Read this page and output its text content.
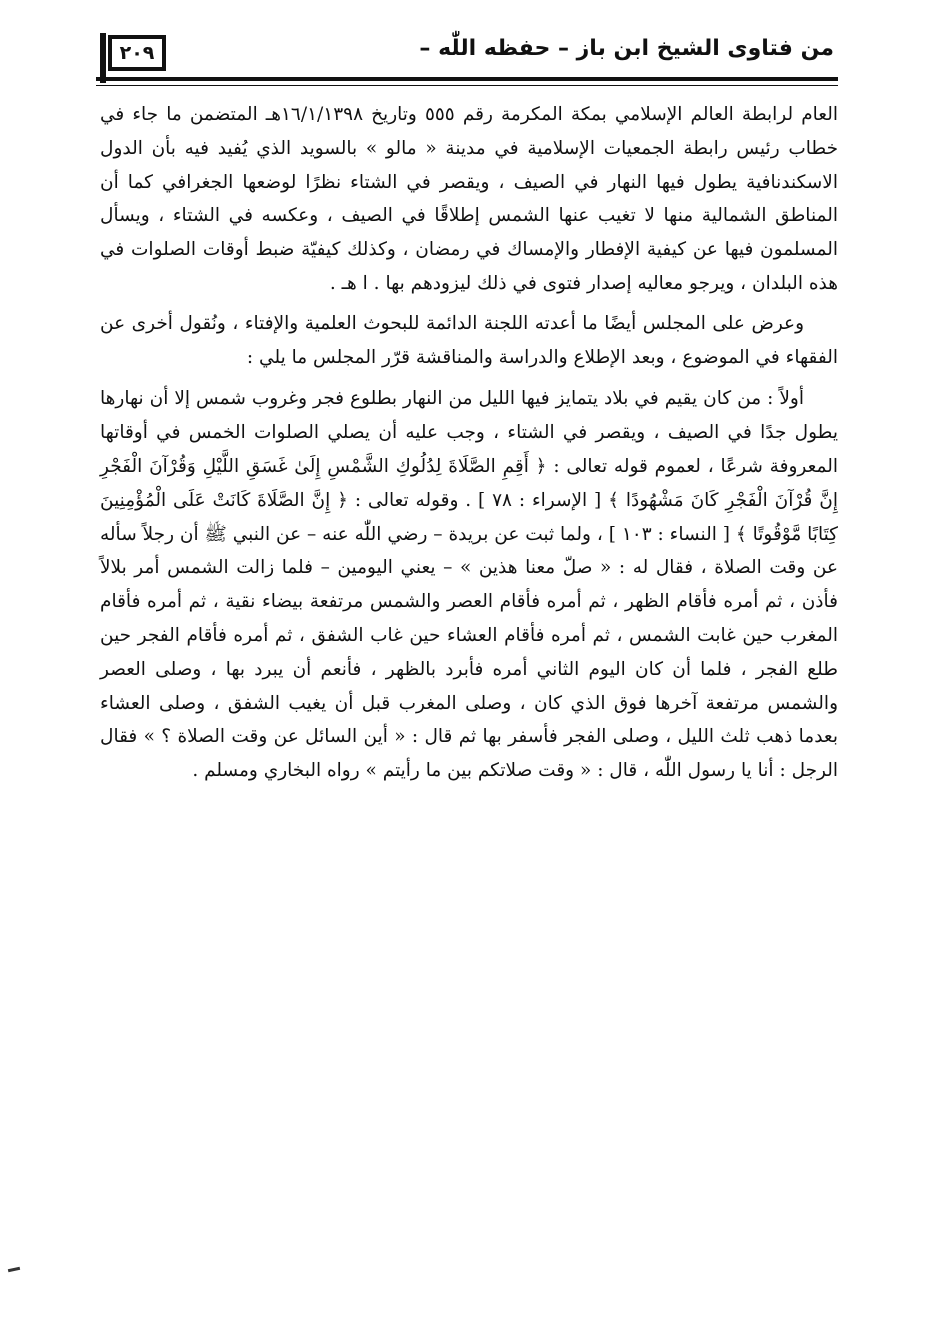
٢٠٩	من فتاوى الشيخ ابن باز – حفظه اللّٰه –

العام لرابطة العالم الإسلامي بمكة المكرمة رقم ٥٥٥ وتاريخ ١٦/١/١٣٩٨هـ المتضمن ما جاء في خطاب رئيس رابطة الجمعيات الإسلامية في مدينة « مالو » بالسويد الذي يُفيد فيه بأن الدول الاسكندنافية يطول فيها النهار في الصيف ، ويقصر في الشتاء نظرًا لوضعها الجغرافي كما أن المناطق الشمالية منها لا تغيب عنها الشمس إطلاقًا في الصيف ، وعكسه في الشتاء ، ويسأل المسلمون فيها عن كيفية الإفطار والإمساك في رمضان ، وكذلك كيفيّة ضبط أوقات الصلوات في هذه البلدان ، ويرجو معاليه إصدار فتوى في ذلك ليزودهم بها . ا هـ .

وعرض على المجلس أيضًا ما أعدته اللجنة الدائمة للبحوث العلمية والإفتاء ، ونُقول أخرى عن الفقهاء في الموضوع ، وبعد الإطلاع والدراسة والمناقشة قرّر المجلس ما يلي :

أولاً : من كان يقيم في بلاد يتمايز فيها الليل من النهار بطلوع فجر وغروب شمس إلا أن نهارها يطول جدًا في الصيف ، ويقصر في الشتاء ، وجب عليه أن يصلي الصلوات الخمس في أوقاتها المعروفة شرعًا ، لعموم قوله تعالى : ﴿ أَقِمِ الصَّلَاةَ لِدُلُوكِ الشَّمْسِ إِلَىٰ غَسَقِ اللَّيْلِ وَقُرْآنَ الْفَجْرِ إِنَّ قُرْآنَ الْفَجْرِ كَانَ مَشْهُودًا ﴾ [ الإسراء : ٧٨ ] . وقوله تعالى : ﴿ إِنَّ الصَّلَاةَ كَانَتْ عَلَى الْمُؤْمِنِينَ كِتَابًا مَّوْقُوتًا ﴾ [ النساء : ١٠٣ ] ، ولما ثبت عن بريدة – رضي اللّٰه عنه – عن النبي ﷺ أن رجلاً سأله عن وقت الصلاة ، فقال له : « صلّ معنا هذين » – يعني اليومين – فلما زالت الشمس أمر بلالاً فأذن ، ثم أمره فأقام الظهر ، ثم أمره فأقام العصر والشمس مرتفعة بيضاء نقية ، ثم أمره فأقام المغرب حين غابت الشمس ، ثم أمره فأقام العشاء حين غاب الشفق ، ثم أمره فأقام الفجر حين طلع الفجر ، فلما أن كان اليوم الثاني أمره فأبرد بالظهر ، فأنعم أن يبرد بها ، وصلى العصر والشمس مرتفعة آخرها فوق الذي كان ، وصلى المغرب قبل أن يغيب الشفق ، وصلى العشاء بعدما ذهب ثلث الليل ، وصلى الفجر فأسفر بها ثم قال : « أين السائل عن وقت الصلاة ؟ » فقال الرجل : أنا يا رسول اللّٰه ، قال : « وقت صلاتكم بين ما رأيتم » رواه البخاري ومسلم .
